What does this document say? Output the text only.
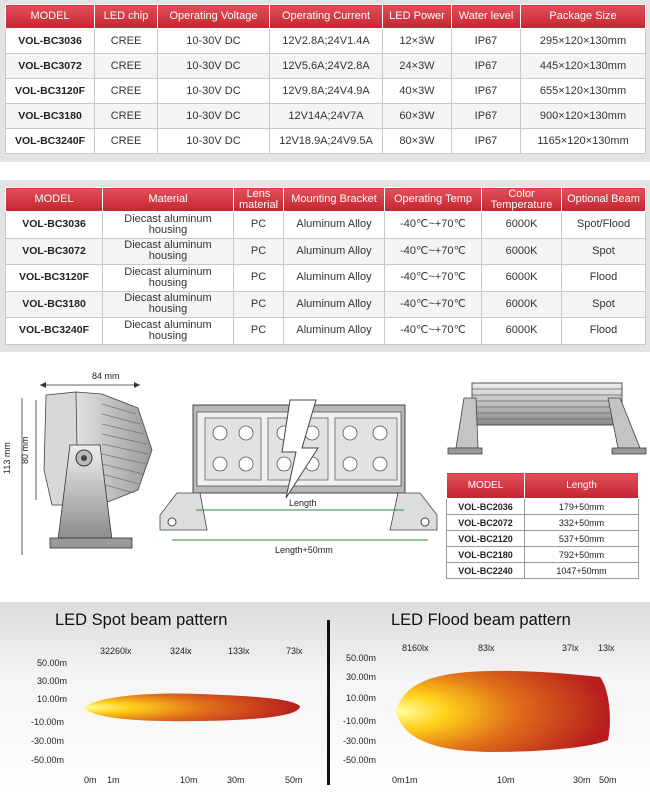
MODEL	LED chip	Operating Voltage	Operating Current	LED Power	Water level	Package Size
VOL-BC3036	CREE	10-30V DC	12V2.8A;24V1.4A	12×3W	IP67	295×120×130mm
VOL-BC3072	CREE	10-30V DC	12V5.6A;24V2.8A	24×3W	IP67	445×120×130mm
VOL-BC3120F	CREE	10-30V DC	12V9.8A;24V4.9A	40×3W	IP67	655×120×130mm
VOL-BC3180	CREE	10-30V DC	12V14A;24V7A	60×3W	IP67	900×120×130mm
VOL-BC3240F	CREE	10-30V DC	12V18.9A;24V9.5A	80×3W	IP67	1165×120×130mm
MODEL	Material	Lens material	Mounting Bracket	Operating Temp	Color Temperature	Optional Beam
VOL-BC3036	Diecast aluminum housing	PC	Aluminum Alloy	-40℃~+70℃	6000K	Spot/Flood
VOL-BC3072	Diecast aluminum housing	PC	Aluminum Alloy	-40℃~+70℃	6000K	Spot
VOL-BC3120F	Diecast aluminum housing	PC	Aluminum Alloy	-40℃~+70℃	6000K	Flood
VOL-BC3180	Diecast aluminum housing	PC	Aluminum Alloy	-40℃~+70℃	6000K	Spot
VOL-BC3240F	Diecast aluminum housing	PC	Aluminum Alloy	-40℃~+70℃	6000K	Flood
84 mm
113 mm 80 mm
Length
Length+50mm
MODEL	Length
VOL-BC2036	179+50mm
VOL-BC2072	332+50mm
VOL-BC2120	537+50mm
VOL-BC2180	792+50mm
VOL-BC2240	1047+50mm
LED Spot beam pattern	LED Flood beam pattern
32260lx	324lx	133lx	73lx	8160lx	83lx	37lx 13lx
50.00m
30.00m
10.00m
-10.00m
-30.00m
-50.00m
50.00m
30.00m
10.00m
-10.00m
-30.00m
-50.00m
0m 1m	10m	30m	50m	0m 1m	10m	30m 50m
